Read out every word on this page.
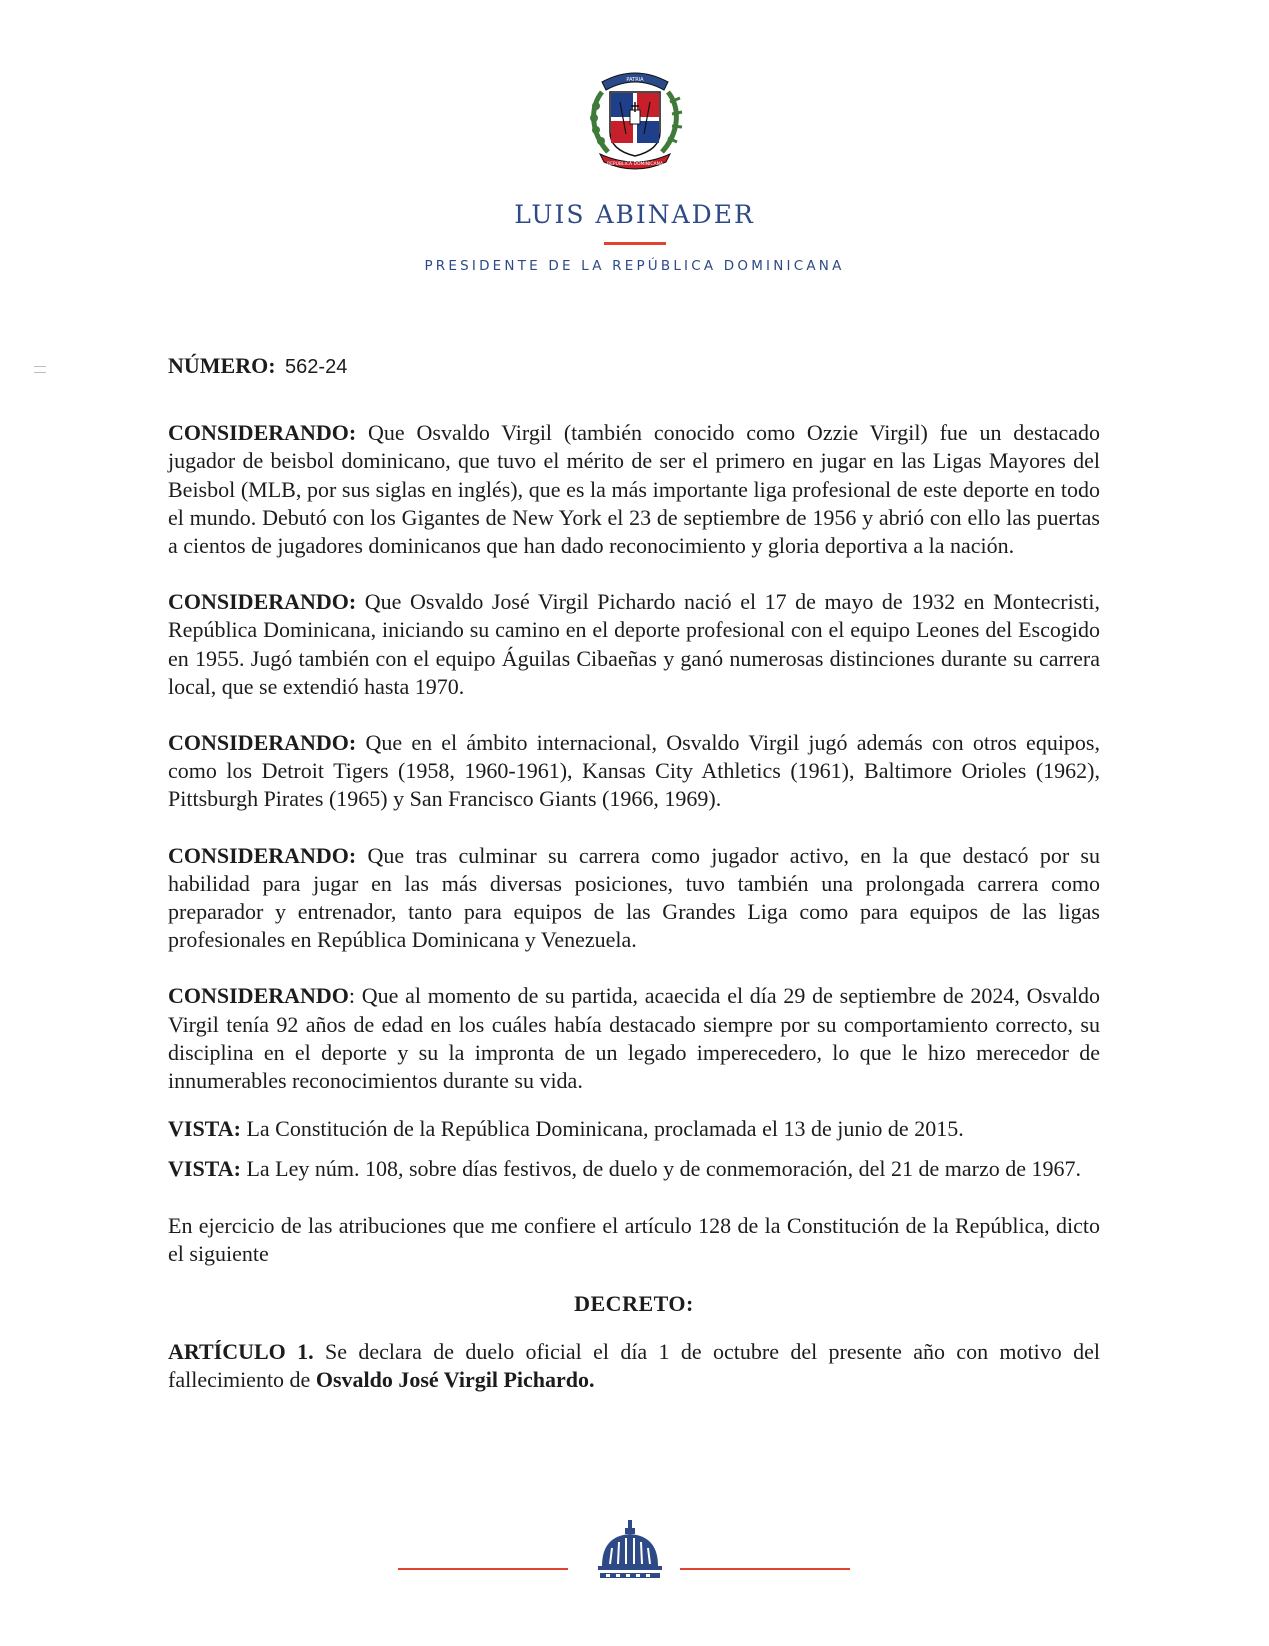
PATRIA
REPÚBLICA DOMINICANA
LUIS ABINADER
PRESIDENTE DE LA REPÚBLICA DOMINICANA
NÚMERO: 562-24

CONSIDERANDO: Que Osvaldo Virgil (también conocido como Ozzie Virgil) fue un destacado jugador de beisbol dominicano, que tuvo el mérito de ser el primero en jugar en las Ligas Mayores del Beisbol (MLB, por sus siglas en inglés), que es la más importante liga profesional de este deporte en todo el mundo. Debutó con los Gigantes de New York el 23 de septiembre de 1956 y abrió con ello las puertas a cientos de jugadores dominicanos que han dado reconocimiento y gloria deportiva a la nación.

CONSIDERANDO: Que Osvaldo José Virgil Pichardo nació el 17 de mayo de 1932 en Montecristi, República Dominicana, iniciando su camino en el deporte profesional con el equipo Leones del Escogido en 1955. Jugó también con el equipo Águilas Cibaeñas y ganó numerosas distinciones durante su carrera local, que se extendió hasta 1970.

CONSIDERANDO: Que en el ámbito internacional, Osvaldo Virgil jugó además con otros equipos, como los Detroit Tigers (1958, 1960-1961), Kansas City Athletics (1961), Baltimore Orioles (1962), Pittsburgh Pirates (1965) y San Francisco Giants (1966, 1969).

CONSIDERANDO: Que tras culminar su carrera como jugador activo, en la que destacó por su habilidad para jugar en las más diversas posiciones, tuvo también una prolongada carrera como preparador y entrenador, tanto para equipos de las Grandes Liga como para equipos de las ligas profesionales en República Dominicana y Venezuela.

CONSIDERANDO: Que al momento de su partida, acaecida el día 29 de septiembre de 2024, Osvaldo Virgil tenía 92 años de edad en los cuáles había destacado siempre por su comportamiento correcto, su disciplina en el deporte y su la impronta de un legado imperecedero, lo que le hizo merecedor de innumerables reconocimientos durante su vida.

VISTA: La Constitución de la República Dominicana, proclamada el 13 de junio de 2015.

VISTA: La Ley núm. 108, sobre días festivos, de duelo y de conmemoración, del 21 de marzo de 1967.

En ejercicio de las atribuciones que me confiere el artículo 128 de la Constitución de la República, dicto el siguiente

DECRETO:

ARTÍCULO 1. Se declara de duelo oficial el día 1 de octubre del presente año con motivo del fallecimiento de Osvaldo José Virgil Pichardo.
